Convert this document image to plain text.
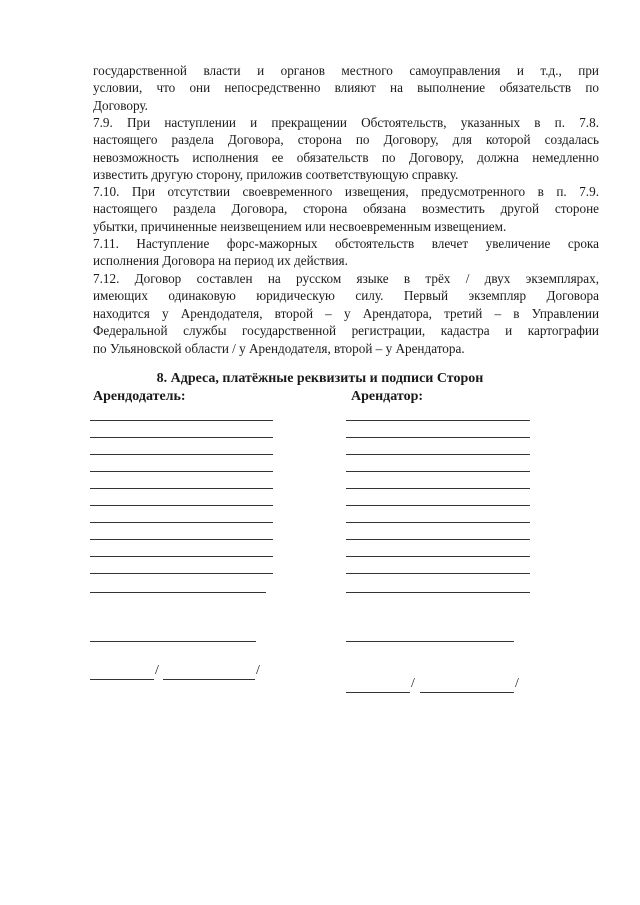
государственной власти и органов местного самоуправления и т.д., при
условии, что они непосредственно влияют на выполнение обязательств по
Договору.
7.9. При наступлении и прекращении Обстоятельств, указанных в п. 7.8.
настоящего раздела Договора, сторона по Договору, для которой создалась
невозможность исполнения ее обязательств по Договору, должна немедленно
известить другую сторону, приложив соответствующую справку.
7.10. При отсутствии своевременного извещения, предусмотренного в п. 7.9.
настоящего раздела Договора, сторона обязана возместить другой стороне
убытки, причиненные неизвещением или несвоевременным извещением.
7.11. Наступление форс-мажорных обстоятельств влечет увеличение срока
исполнения Договора на период их действия.
7.12. Договор составлен на русском языке в трёх / двух экземплярах,
имеющих одинаковую юридическую силу. Первый экземпляр Договора
находится у Арендодателя, второй – у Арендатора, третий – в Управлении
Федеральной службы государственной регистрации, кадастра и картографии
по Ульяновской области / у Арендодателя, второй – у Арендатора.
8. Адреса, платёжные реквизиты и подписи Сторон
Арендодатель:	Арендатор:
/	/
/	/
